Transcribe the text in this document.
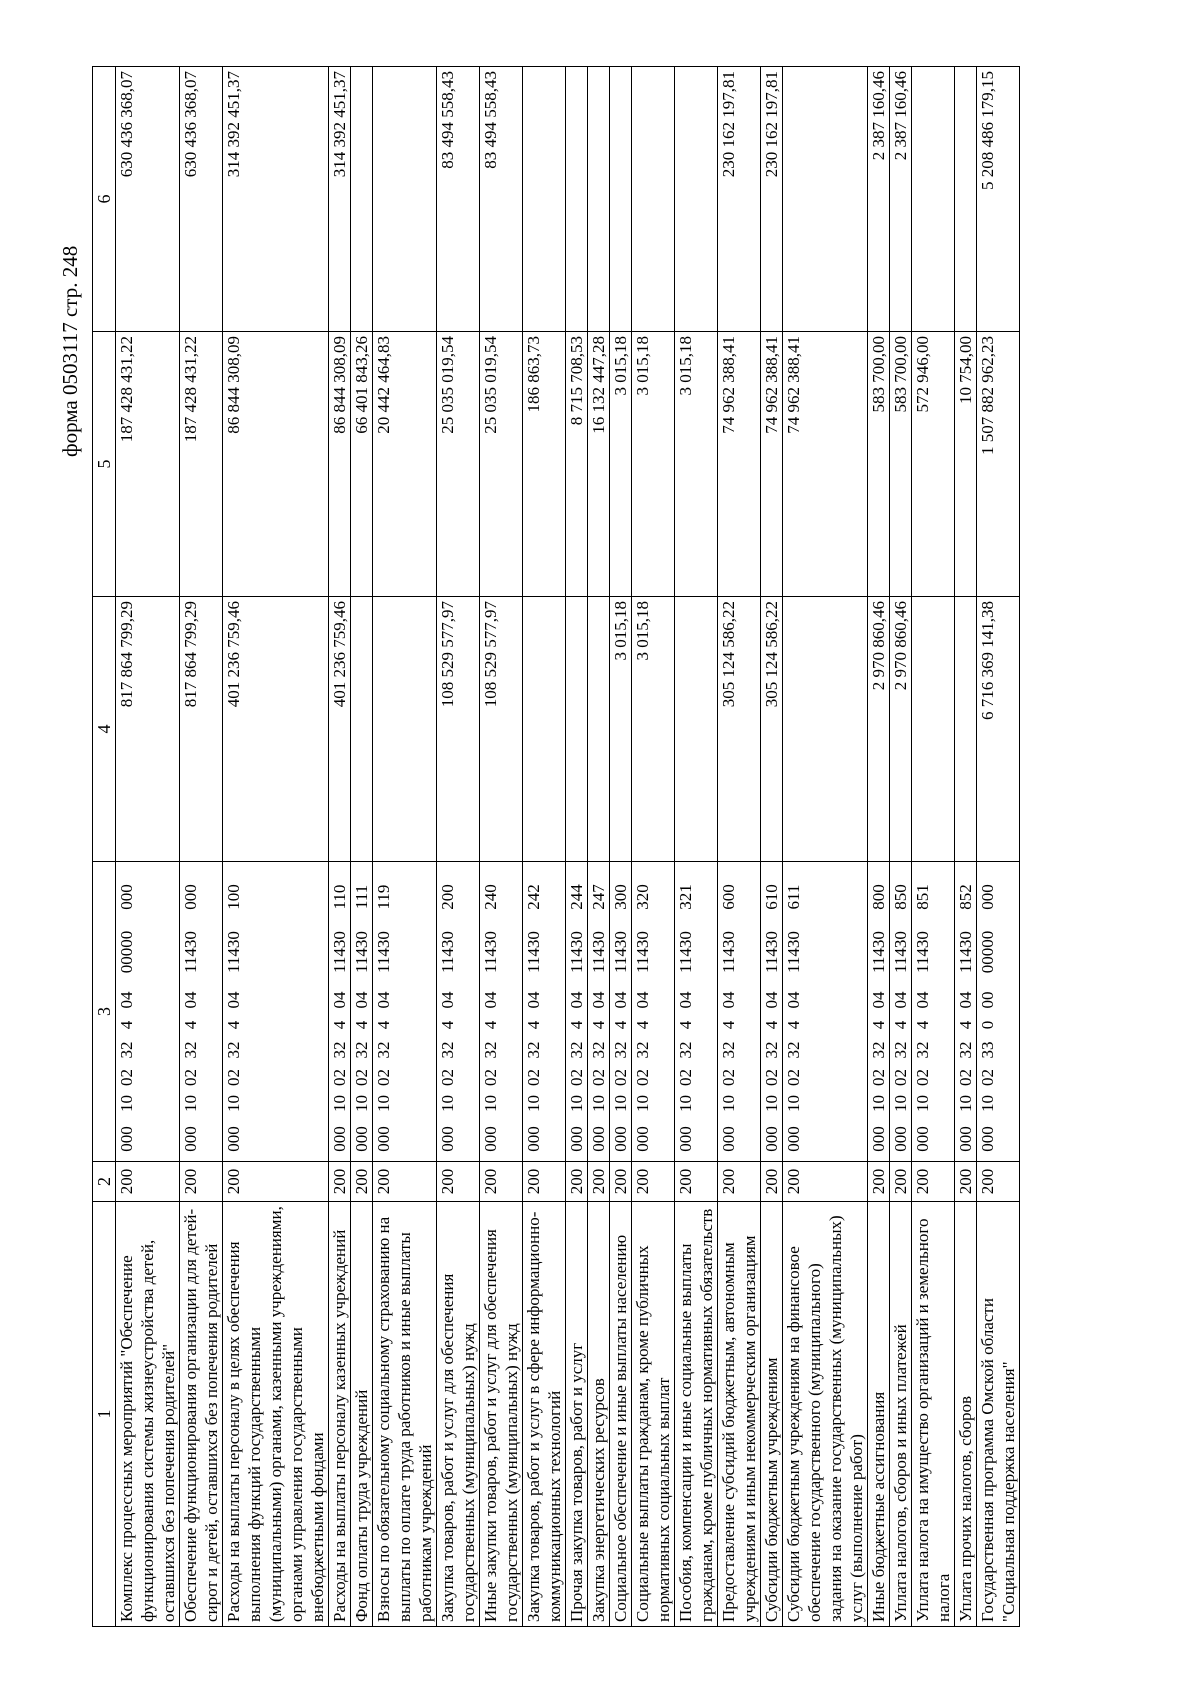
форма 0503117 стр. 248
1	2	3	4	5	6
Комплекс процессных мероприятий "Обеспечение функционирования системы жизнеустройства детей, оставшихся без попечения родителей"	200	00010023240400000000	817 864 799,29	187 428 431,22	630 436 368,07
Обеспечение функционирования организации для детей-сирот и детей, оставшихся без попечения родителей	200	00010023240411430000	817 864 799,29	187 428 431,22	630 436 368,07
Расходы на выплаты персоналу в целях обеспечения выполнения функций государственными (муниципальными) органами, казенными учреждениями, органами управления государственными внебюджетными фондами	200	00010023240411430100	401 236 759,46	86 844 308,09	314 392 451,37
Расходы на выплаты персоналу казенных учреждений	200	00010023240411430110	401 236 759,46	86 844 308,09	314 392 451,37
Фонд оплаты труда учреждений	200	00010023240411430111		66 401 843,26	
Взносы по обязательному социальному страхованию на выплаты по оплате труда работников и иные выплаты работникам учреждений	200	00010023240411430119		20 442 464,83	
Закупка товаров, работ и услуг для обеспечения государственных (муниципальных) нужд	200	00010023240411430200	108 529 577,97	25 035 019,54	83 494 558,43
Иные закупки товаров, работ и услуг для обеспечения государственных (муниципальных) нужд	200	00010023240411430240	108 529 577,97	25 035 019,54	83 494 558,43
Закупка товаров, работ и услуг в сфере информационно-коммуникационных технологий	200	00010023240411430242		186 863,73	
Прочая закупка товаров, работ и услуг	200	00010023240411430244		8 715 708,53	
Закупка энергетических ресурсов	200	00010023240411430247		16 132 447,28	
Социальное обеспечение и иные выплаты населению	200	00010023240411430300	3 015,18	3 015,18	
Социальные выплаты гражданам, кроме публичных нормативных социальных выплат	200	00010023240411430320	3 015,18	3 015,18	
Пособия, компенсации и иные социальные выплаты гражданам, кроме публичных нормативных обязательств	200	00010023240411430321		3 015,18	
Предоставление субсидий бюджетным, автономным учреждениям и иным некоммерческим организациям	200	00010023240411430600	305 124 586,22	74 962 388,41	230 162 197,81
Субсидии бюджетным учреждениям	200	00010023240411430610	305 124 586,22	74 962 388,41	230 162 197,81
Субсидии бюджетным учреждениям на финансовое обеспечение государственного (муниципального) задания на оказание государственных (муниципальных) услуг (выполнение работ)	200	00010023240411430611		74 962 388,41	
Иные бюджетные ассигнования	200	00010023240411430800	2 970 860,46	583 700,00	2 387 160,46
Уплата налогов, сборов и иных платежей	200	00010023240411430850	2 970 860,46	583 700,00	2 387 160,46
Уплата налога на имущество организаций и земельного налога	200	00010023240411430851		572 946,00	
Уплата прочих налогов, сборов	200	00010023240411430852		10 754,00	
Государственная программа Омской области "Социальная поддержка населения"	200	00010023300000000000	6 716 369 141,38	1 507 882 962,23	5 208 486 179,15
